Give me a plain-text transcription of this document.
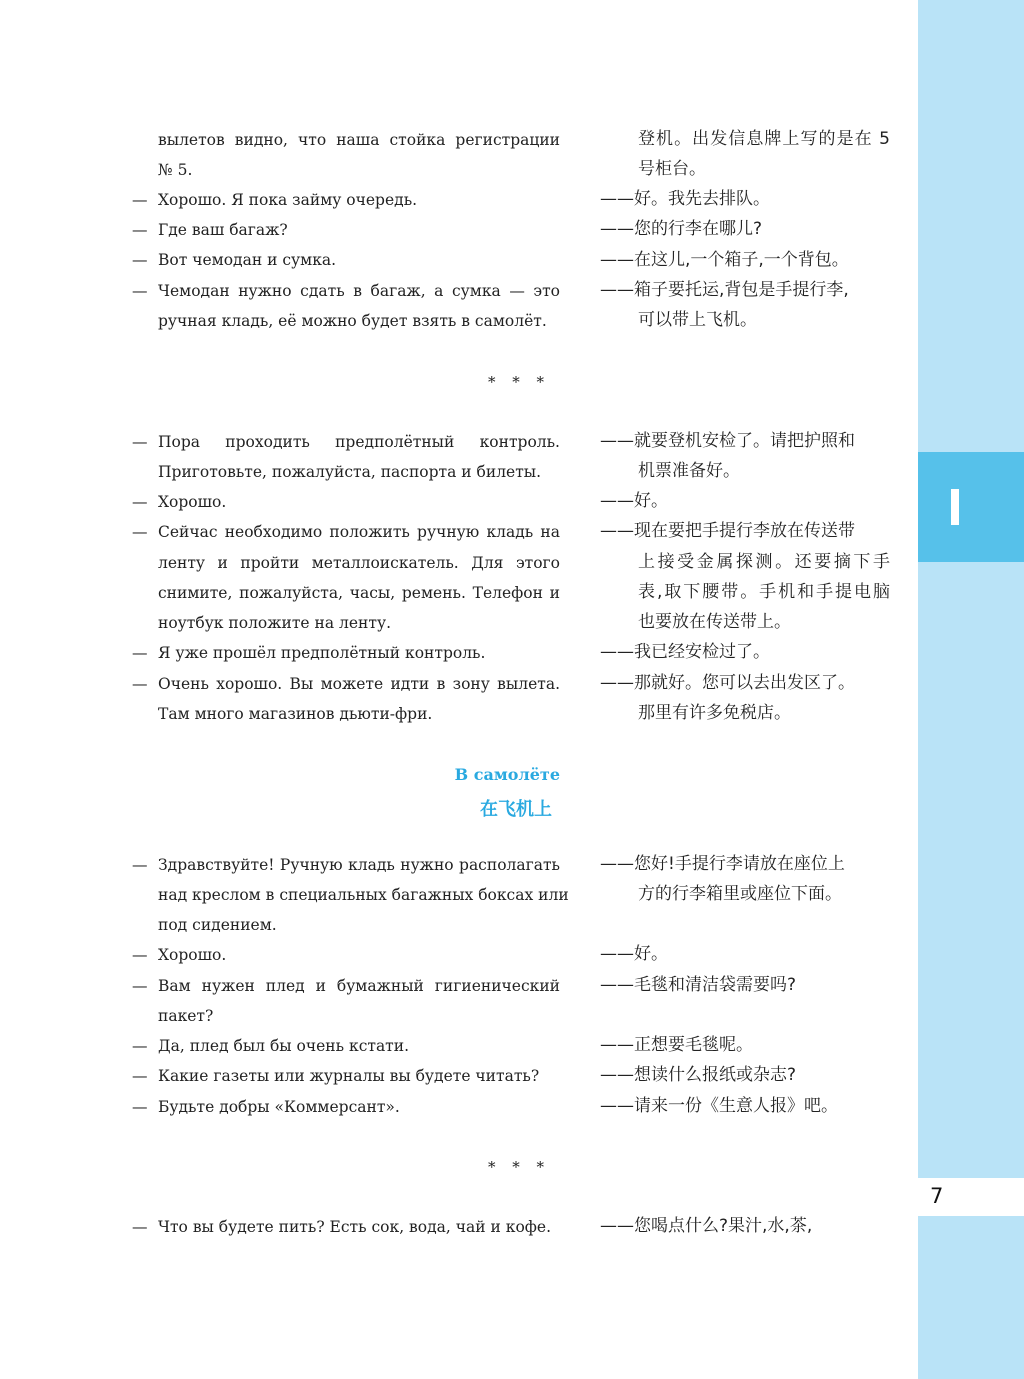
7
вылетов видно, что наша стойка регистрации
№ 5.
— Хорошо. Я пока займу очередь.
— Где ваш багаж?
— Вот чемодан и сумка.
— Чемодан нужно сдать в багаж, а сумка — это
ручная кладь, её можно будет взять в самолёт.
* * *
— Пора проходить предполётный контроль.
Приготовьте, пожалуйста, паспорта и билеты.
— Хорошо.
— Сейчас необходимо положить ручную кладь на
ленту и пройти металлоискатель. Для этого
снимите, пожалуйста, часы, ремень. Телефон и
ноутбук положите на ленту.
— Я уже прошёл предполётный контроль.
— Очень хорошо. Вы можете идти в зону вылета.
Там много магазинов дьюти-фри.
В самолёте
在飞机上
— Здравствуйте! Ручную кладь нужно располагать
над креслом в специальных багажных боксах или
под сидением.
— Хорошо.
— Вам нужен плед и бумажный гигиенический
пакет?
— Да, плед был бы очень кстати.
— Какие газеты или журналы вы будете читать?
— Будьте добры «Коммерсант».
* * *
— Что вы будете пить? Есть сок, вода, чай и кофе.
登机。出发信息牌上写的是在 5
号柜台。
——好。我先去排队。
——您的行李在哪儿?
——在这儿,一个箱子,一个背包。
——箱子要托运,背包是手提行李,
可以带上飞机。
——就要登机安检了。请把护照和
机票准备好。
——好。
——现在要把手提行李放在传送带
上接受金属探测。还要摘下手
表,取下腰带。手机和手提电脑
也要放在传送带上。
——我已经安检过了。
——那就好。您可以去出发区了。
那里有许多免税店。
——您好!手提行李请放在座位上
方的行李箱里或座位下面。
——好。
——毛毯和清洁袋需要吗?
——正想要毛毯呢。
——想读什么报纸或杂志?
——请来一份《生意人报》吧。
——您喝点什么?果汁,水,茶,
